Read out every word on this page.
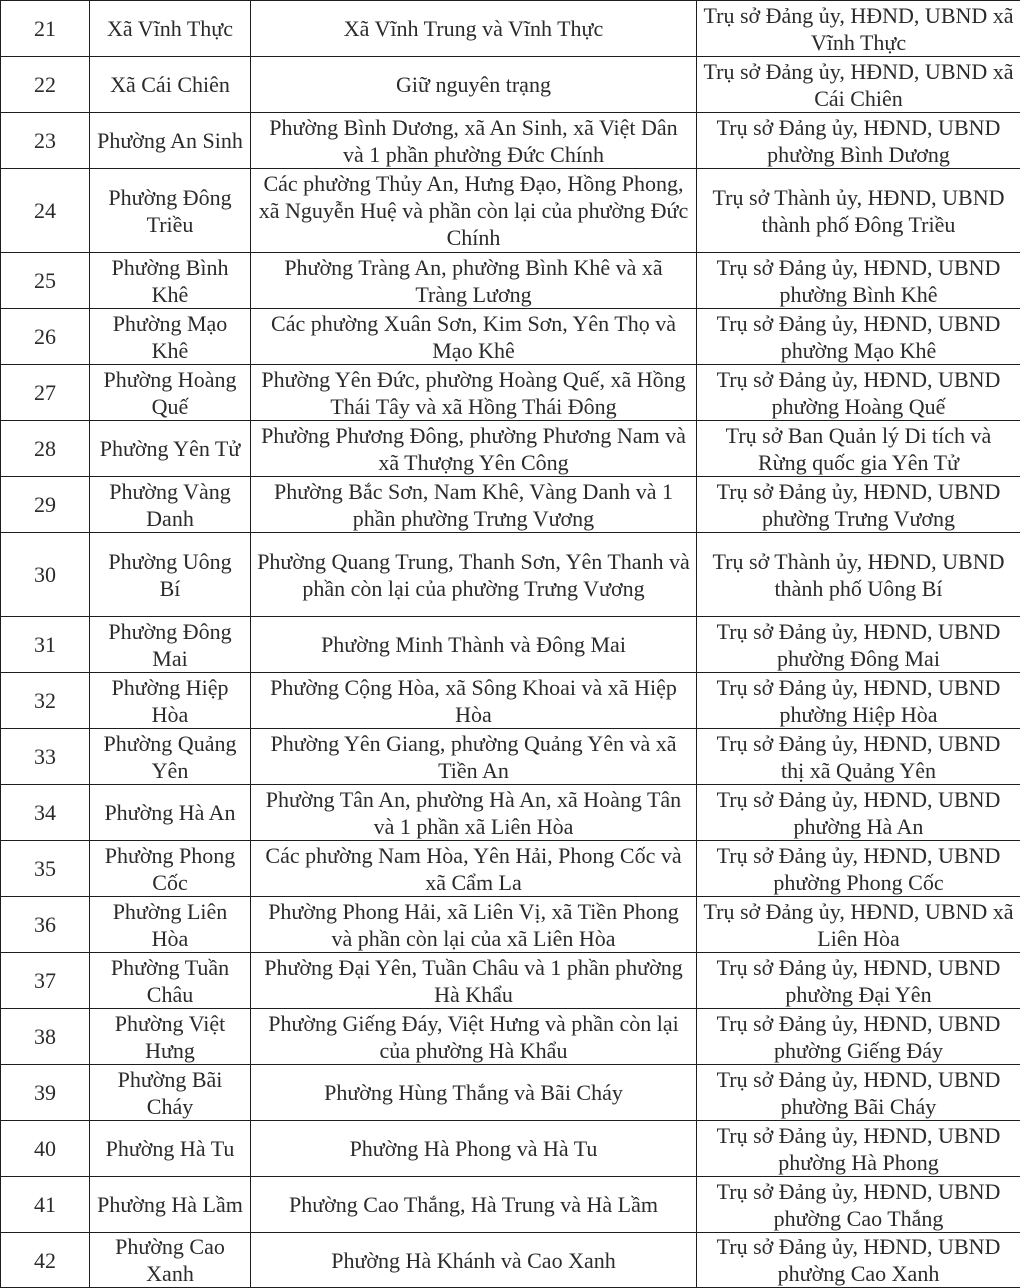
21	Xã Vĩnh Thực	Xã Vĩnh Trung và Vĩnh Thực	Trụ sở Đảng ủy, HĐND, UBND xã Vĩnh Thực
22	Xã Cái Chiên	Giữ nguyên trạng	Trụ sở Đảng ủy, HĐND, UBND xã Cái Chiên
23	Phường An Sinh	Phường Bình Dương, xã An Sinh, xã Việt Dân và 1 phần phường Đức Chính	Trụ sở Đảng ủy, HĐND, UBND phường Bình Dương
24	Phường Đông Triều	Các phường Thủy An, Hưng Đạo, Hồng Phong, xã Nguyễn Huệ và phần còn lại của phường Đức Chính	Trụ sở Thành ủy, HĐND, UBND thành phố Đông Triều
25	Phường Bình Khê	Phường Tràng An, phường Bình Khê và xã Tràng Lương	Trụ sở Đảng ủy, HĐND, UBND phường Bình Khê
26	Phường Mạo Khê	Các phường Xuân Sơn, Kim Sơn, Yên Thọ và Mạo Khê	Trụ sở Đảng ủy, HĐND, UBND phường Mạo Khê
27	Phường Hoàng Quế	Phường Yên Đức, phường Hoàng Quế, xã Hồng Thái Tây và xã Hồng Thái Đông	Trụ sở Đảng ủy, HĐND, UBND phường Hoàng Quế
28	Phường Yên Tử	Phường Phương Đông, phường Phương Nam và xã Thượng Yên Công	Trụ sở Ban Quản lý Di tích và Rừng quốc gia Yên Tử
29	Phường Vàng Danh	Phường Bắc Sơn, Nam Khê, Vàng Danh và 1 phần phường Trưng Vương	Trụ sở Đảng ủy, HĐND, UBND phường Trưng Vương
30	Phường Uông Bí	Phường Quang Trung, Thanh Sơn, Yên Thanh và phần còn lại của phường Trưng Vương	Trụ sở Thành ủy, HĐND, UBND thành phố Uông Bí
31	Phường Đông Mai	Phường Minh Thành và Đông Mai	Trụ sở Đảng ủy, HĐND, UBND phường Đông Mai
32	Phường Hiệp Hòa	Phường Cộng Hòa, xã Sông Khoai và xã Hiệp Hòa	Trụ sở Đảng ủy, HĐND, UBND phường Hiệp Hòa
33	Phường Quảng Yên	Phường Yên Giang, phường Quảng Yên và xã Tiền An	Trụ sở Đảng ủy, HĐND, UBND thị xã Quảng Yên
34	Phường Hà An	Phường Tân An, phường Hà An, xã Hoàng Tân và 1 phần xã Liên Hòa	Trụ sở Đảng ủy, HĐND, UBND phường Hà An
35	Phường Phong Cốc	Các phường Nam Hòa, Yên Hải, Phong Cốc và xã Cẩm La	Trụ sở Đảng ủy, HĐND, UBND phường Phong Cốc
36	Phường Liên Hòa	Phường Phong Hải, xã Liên Vị, xã Tiền Phong và phần còn lại của xã Liên Hòa	Trụ sở Đảng ủy, HĐND, UBND xã Liên Hòa
37	Phường Tuần Châu	Phường Đại Yên, Tuần Châu và 1 phần phường Hà Khẩu	Trụ sở Đảng ủy, HĐND, UBND phường Đại Yên
38	Phường Việt Hưng	Phường Giếng Đáy, Việt Hưng và phần còn lại của phường Hà Khẩu	Trụ sở Đảng ủy, HĐND, UBND phường Giếng Đáy
39	Phường Bãi Cháy	Phường Hùng Thắng và Bãi Cháy	Trụ sở Đảng ủy, HĐND, UBND phường Bãi Cháy
40	Phường Hà Tu	Phường Hà Phong và Hà Tu	Trụ sở Đảng ủy, HĐND, UBND phường Hà Phong
41	Phường Hà Lầm	Phường Cao Thắng, Hà Trung và Hà Lầm	Trụ sở Đảng ủy, HĐND, UBND phường Cao Thắng
42	Phường Cao Xanh	Phường Hà Khánh và Cao Xanh	Trụ sở Đảng ủy, HĐND, UBND phường Cao Xanh
